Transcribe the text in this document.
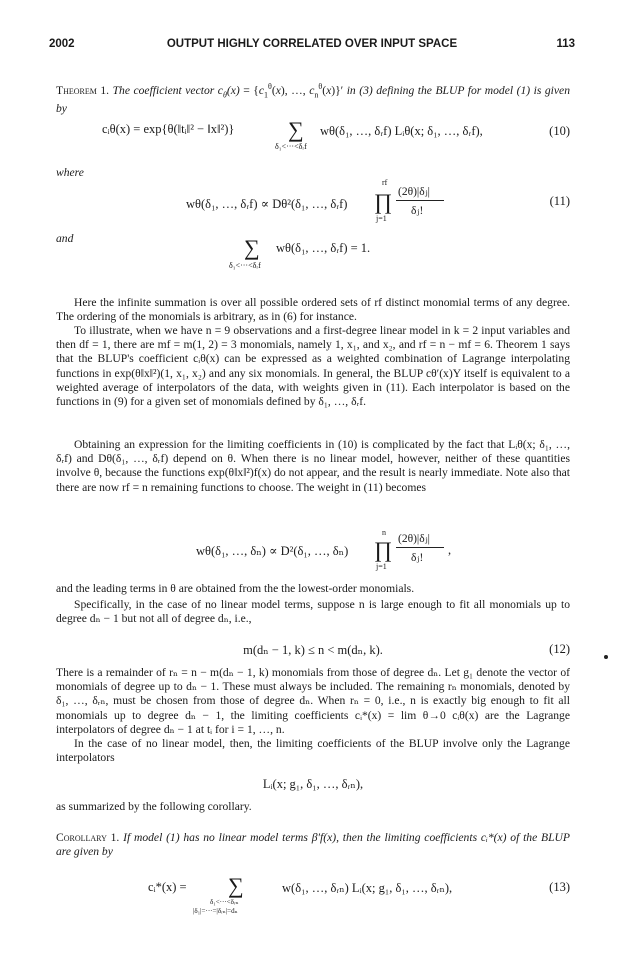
2002	OUTPUT HIGHLY CORRELATED OVER INPUT SPACE	113
Theorem 1. The coefficient vector $c_\theta(x) = \{c_1^\theta(x)$, …, $c_n^\theta(x)\}'$ in (3) defining the BLUP for model (1) is given by
cᵢθ(x) = exp{θ(‖tᵢ‖² − ‖x‖²)} ∑
δ₁<···<δᵣf
wθ(δ₁, …, δᵣf) Lᵢθ(x; δ₁, …, δᵣf),	(10)
where
wθ(δ₁, …, δᵣf) ∝ Dθ²(δ₁, …, δᵣf)
rf
∏
j=1
(2θ)|δⱼ|
δⱼ!
(11)
and	∑
δ₁<···<δᵣf
wθ(δ₁, …, δᵣf) = 1.
Here the infinite summation is over all possible ordered sets of rf distinct monomial terms of any degree. The ordering of the monomials is arbitrary, as in (6) for instance.
To illustrate, when we have n = 9 observations and a first-degree linear model in k = 2 input variables and then df = 1, there are mf = m(1, 2) = 3 monomials, namely 1, x₁, and x₂, and rf = n − mf = 6. Theorem 1 says that the BLUP's coefficient cᵢθ(x) can be expressed as a weighted combination of Lagrange interpolating functions in exp(θ‖x‖²)(1, x₁, x₂) and any six monomials. In general, the BLUP cθ′(x)Y itself is equivalent to a weighted average of interpolators of the data, with weights given in (11). Each interpolator is based on the functions in (9) for a given set of monomials defined by δ₁, …, δᵣf.
Obtaining an expression for the limiting coefficients in (10) is complicated by the fact that Lᵢθ(x; δ₁, …, δᵣf) and Dθ(δ₁, …, δᵣf) depend on θ. When there is no linear model, however, neither of these quantities involve θ, because the functions exp(θ‖x‖²)f(x) do not appear, and the result is nearly immediate. Note also that there are now rf = n remaining functions to choose. The weight in (11) becomes
wθ(δ₁, …, δₙ) ∝ D²(δ₁, …, δₙ)
n
∏
j=1
(2θ)|δⱼ|
δⱼ!
,
and the leading terms in θ are obtained from the the lowest-order monomials.
Specifically, in the case of no linear model terms, suppose n is large enough to fit all monomials up to degree dₙ − 1 but not all of degree dₙ, i.e.,
m(dₙ − 1, k) ≤ n < m(dₙ, k).	(12)
There is a remainder of rₙ = n − m(dₙ − 1, k) monomials from those of degree dₙ. Let g₁ denote the vector of monomials of degree up to dₙ − 1. These must always be included. The remaining rₙ monomials, denoted by δ₁, …, δᵣₙ, must be chosen from those of degree dₙ. When rₙ = 0, i.e., n is exactly big enough to fit all monomials up to degree dₙ − 1, the limiting coefficients cᵢ*(x) = lim θ→0 cᵢθ(x) are the Lagrange interpolators of degree dₙ − 1 at tᵢ for i = 1, …, n.
In the case of no linear model, then, the limiting coefficients of the BLUP involve only the Lagrange interpolators
Lᵢ(x; g₁, δ₁, …, δᵣₙ),
as summarized by the following corollary.
Corollary 1. If model (1) has no linear model terms β′f(x), then the limiting coefficients cᵢ*(x) of the BLUP are given by
cᵢ*(x) = ∑
δ₁<···<δᵣₙ
|δ₁|=···=|δᵣₙ|=dₙ
w(δ₁, …, δᵣₙ) Lᵢ(x; g₁, δ₁, …, δᵣₙ),	(13)
